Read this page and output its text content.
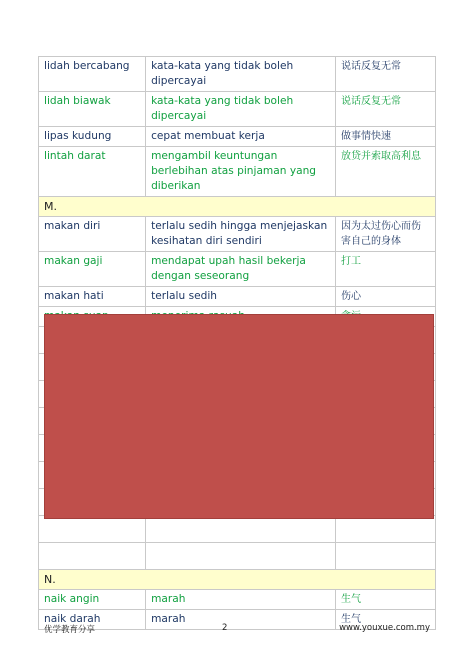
lidah bercabang	kata-kata yang tidak boleh dipercayai	说话反复无常
lidah biawak	kata-kata yang tidak boleh dipercayai	说话反复无常
lipas kudung	cepat membuat kerja	做事情快速
lintah darat	mengambil keuntungan berlebihan atas pinjaman yang diberikan	放贷并索取高利息
M.		
makan diri	terlalu sedih hingga menjejaskan kesihatan diri sendiri	因为太过伤心而伤害自己的身体
makan gaji	mendapat upah hasil bekerja dengan seseorang	打工
makan hati	terlalu sedih	伤心

N.		
naik angin	marah	生气
naik darah	marah	生气
优学教育分享	2	www.youxue.com.my
